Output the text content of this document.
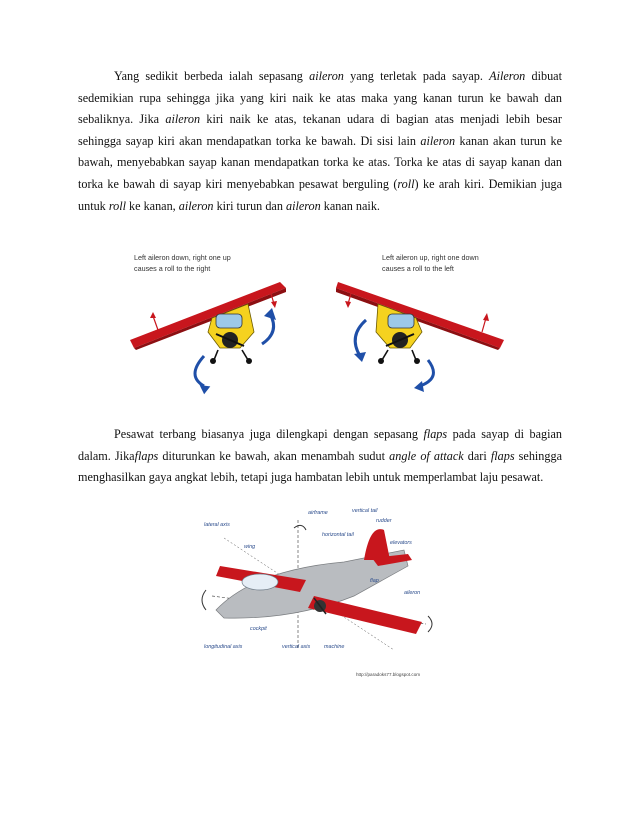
Yang sedikit berbeda ialah sepasang aileron yang terletak pada sayap. Aileron dibuat sedemikian rupa sehingga jika yang kiri naik ke atas maka yang kanan turun ke bawah dan sebaliknya. Jika aileron kiri naik ke atas, tekanan udara di bagian atas menjadi lebih besar sehingga sayap kiri akan mendapatkan torka ke bawah. Di sisi lain aileron kanan akan turun ke bawah, menyebabkan sayap kanan mendapatkan torka ke atas. Torka ke atas di sayap kanan dan torka ke bawah di sayap kiri menyebabkan pesawat berguling (roll) ke arah kiri. Demikian juga untuk roll ke kanan, aileron kiri turun dan aileron kanan naik.

Left aileron down, right one up
causes a roll to the right
Left aileron up, right one down
causes a roll to the left

Pesawat terbang biasanya juga dilengkapi dengan sepasang flaps pada sayap di bagian dalam. Jikaflaps diturunkan ke bawah, akan menambah sudut angle of attack dari flaps sehingga menghasilkan gaya angkat lebih, tetapi juga hambatan lebih untuk memperlambat laju pesawat.

lateral axis
wing
airframe	vertical tail
rudder
horizontal tail
elevators
flap
aileron
cockpit
longitudinal axis	vertical axis	machine
http://paradoks77.blogspot.com
